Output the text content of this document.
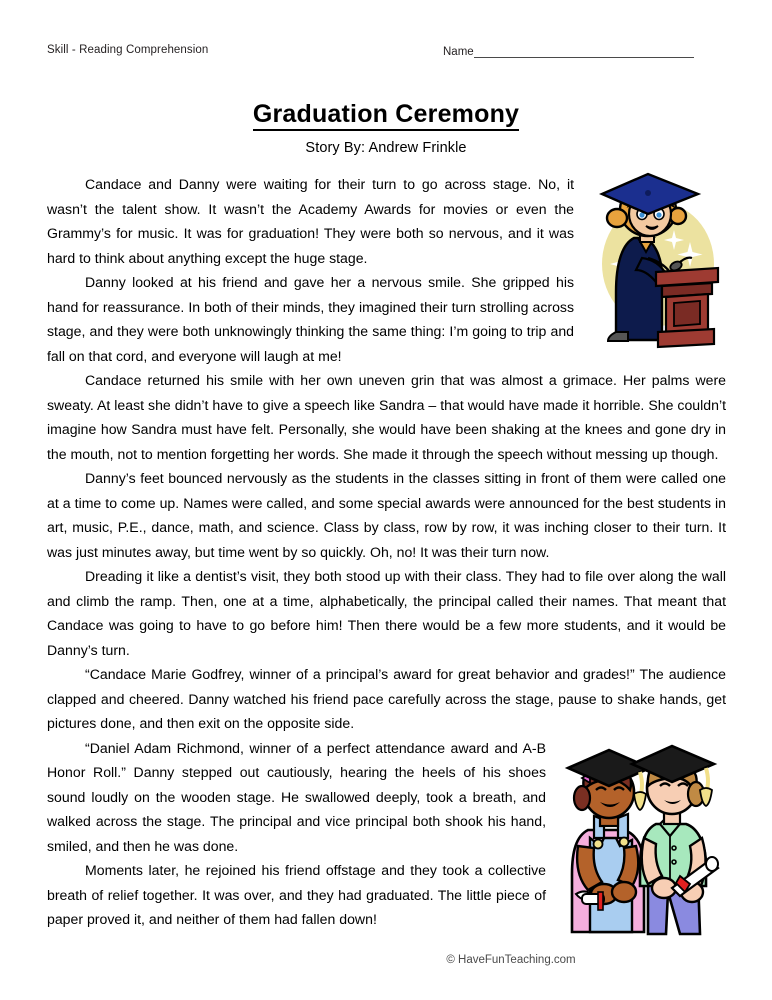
Skill - Reading Comprehension	Name
Graduation Ceremony
Story By: Andrew Frinkle

Candace and Danny were waiting for their turn to go across stage. No, it wasn’t the talent show. It wasn’t the Academy Awards for movies or even the Grammy’s for music. It was for graduation! They were both so nervous, and it was hard to think about anything except the huge stage.

Danny looked at his friend and gave her a nervous smile. She gripped his hand for reassurance. In both of their minds, they imagined their turn strolling across stage, and they were both unknowingly thinking the same thing: I’m going to trip and fall on that cord, and everyone will laugh at me!

Candace returned his smile with her own uneven grin that was almost a grimace. Her palms were sweaty. At least she didn’t have to give a speech like Sandra – that would have made it horrible. She couldn’t imagine how Sandra must have felt. Personally, she would have been shaking at the knees and gone dry in the mouth, not to mention forgetting her words. She made it through the speech without messing up though.

Danny’s feet bounced nervously as the students in the classes sitting in front of them were called one at a time to come up. Names were called, and some special awards were announced for the best students in art, music, P.E., dance, math, and science. Class by class, row by row, it was inching closer to their turn. It was just minutes away, but time went by so quickly. Oh, no! It was their turn now.

Dreading it like a dentist’s visit, they both stood up with their class. They had to file over along the wall and climb the ramp. Then, one at a time, alphabetically, the principal called their names. That meant that Candace was going to have to go before him! Then there would be a few more students, and it would be Danny’s turn.

“Candace Marie Godfrey, winner of a principal’s award for great behavior and grades!” The audience clapped and cheered. Danny watched his friend pace carefully across the stage, pause to shake hands, get pictures done, and then exit on the opposite side.

“Daniel Adam Richmond, winner of a perfect attendance award and A-B Honor Roll.” Danny stepped out cautiously, hearing the heels of his shoes sound loudly on the wooden stage. He swallowed deeply, took a breath, and walked across the stage. The principal and vice principal both shook his hand, smiled, and then he was done.

Moments later, he rejoined his friend offstage and they took a collective breath of relief together. It was over, and they had graduated. The little piece of paper proved it, and neither of them had fallen down!

© HaveFunTeaching.com
